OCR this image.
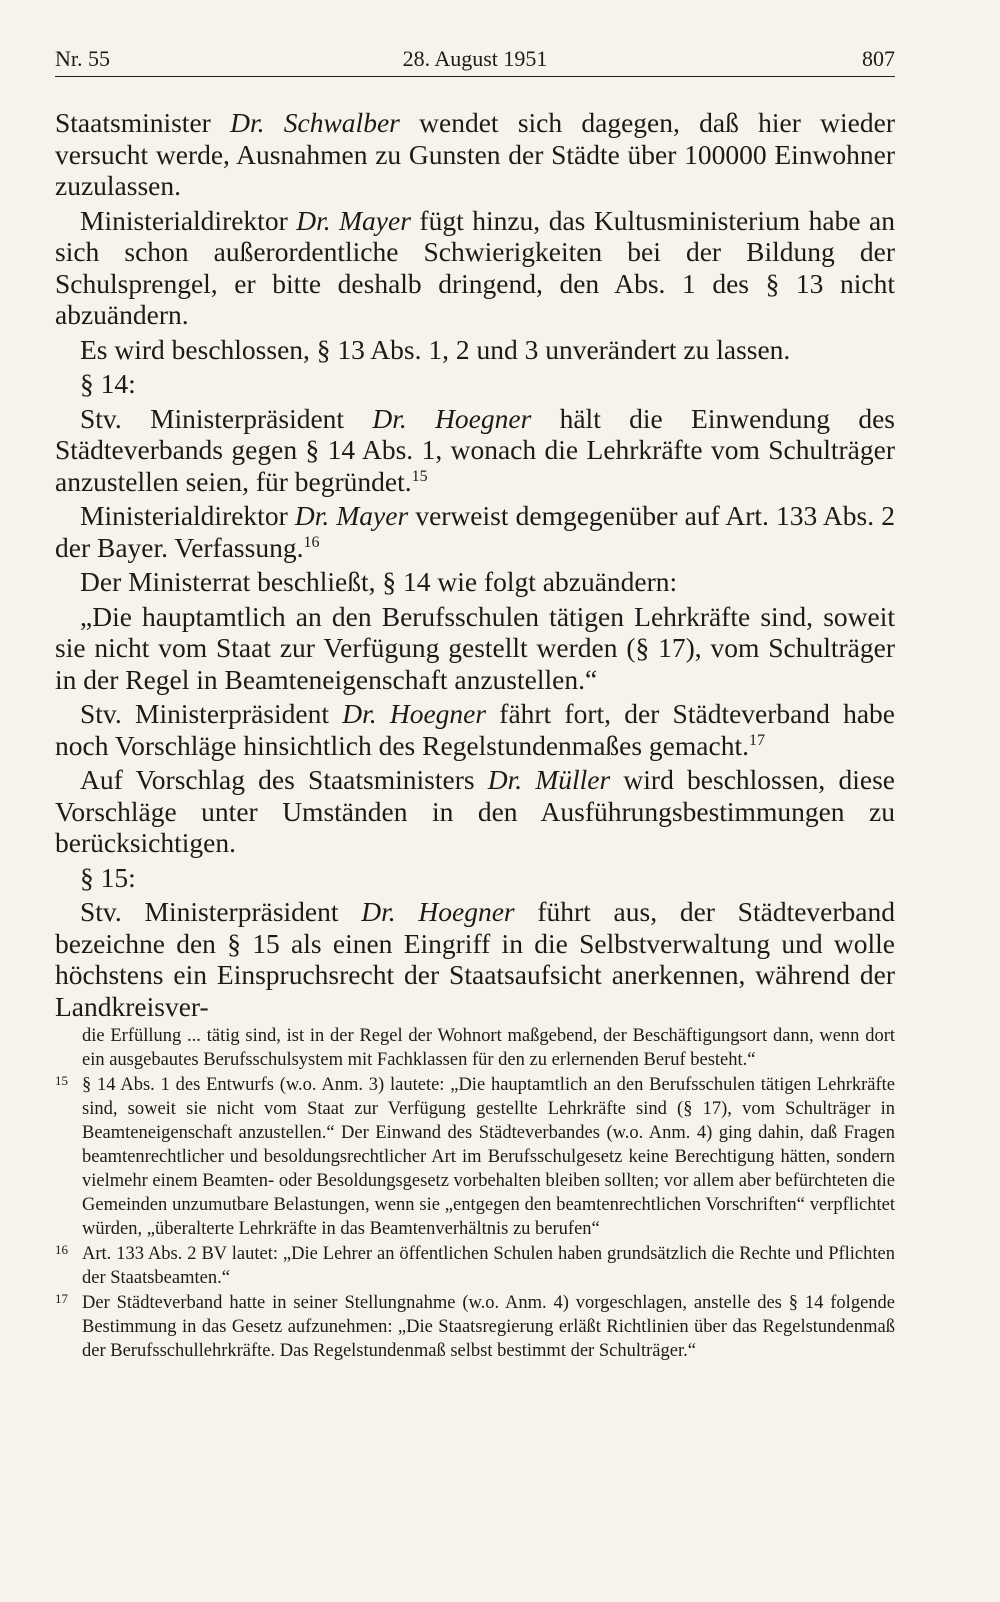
Nr. 55	28. August 1951	807

Staatsminister Dr. Schwalber wendet sich dagegen, daß hier wieder versucht werde, Ausnahmen zu Gunsten der Städte über 100000 Einwohner zuzulassen.

Ministerialdirektor Dr. Mayer fügt hinzu, das Kultusministerium habe an sich schon außerordentliche Schwierigkeiten bei der Bildung der Schulsprengel, er bitte deshalb dringend, den Abs. 1 des § 13 nicht abzuändern.

Es wird beschlossen, § 13 Abs. 1, 2 und 3 unverändert zu lassen.

§ 14:

Stv. Ministerpräsident Dr. Hoegner hält die Einwendung des Städteverbands gegen § 14 Abs. 1, wonach die Lehrkräfte vom Schulträger anzustellen seien, für begründet.$^{15}$

Ministerialdirektor Dr. Mayer verweist demgegenüber auf Art. 133 Abs. 2 der Bayer. Verfassung.$^{16}$

Der Ministerrat beschließt, § 14 wie folgt abzuändern:

„Die hauptamtlich an den Berufsschulen tätigen Lehrkräfte sind, soweit sie nicht vom Staat zur Verfügung gestellt werden (§ 17), vom Schulträger in der Regel in Beamteneigenschaft anzustellen.“

Stv. Ministerpräsident Dr. Hoegner fährt fort, der Städteverband habe noch Vorschläge hinsichtlich des Regelstundenmaßes gemacht.$^{17}$

Auf Vorschlag des Staatsministers Dr. Müller wird beschlossen, diese Vorschläge unter Umständen in den Ausführungsbestimmungen zu berücksichtigen.

§ 15:

Stv. Ministerpräsident Dr. Hoegner führt aus, der Städteverband bezeichne den § 15 als einen Eingriff in die Selbstverwaltung und wolle höchstens ein Einspruchsrecht der Staatsaufsicht anerkennen, während der Landkreisver-

die Erfüllung ... tätig sind, ist in der Regel der Wohnort maßgebend, der Beschäftigungsort dann, wenn dort ein ausgebautes Berufsschulsystem mit Fachklassen für den zu erlernenden Beruf besteht.“

15 § 14 Abs. 1 des Entwurfs (w.o. Anm. 3) lautete: „Die hauptamtlich an den Berufsschulen tätigen Lehrkräfte sind, soweit sie nicht vom Staat zur Verfügung gestellte Lehrkräfte sind (§ 17), vom Schulträger in Beamteneigenschaft anzustellen.“ Der Einwand des Städteverbandes (w.o. Anm. 4) ging dahin, daß Fragen beamtenrechtlicher und besoldungsrechtlicher Art im Berufsschulgesetz keine Berechtigung hätten, sondern vielmehr einem Beamten- oder Besoldungsgesetz vorbehalten bleiben sollten; vor allem aber befürchteten die Gemeinden unzumutbare Belastungen, wenn sie „entgegen den beamtenrechtlichen Vorschriften“ verpflichtet würden, „überalterte Lehrkräfte in das Beamtenverhältnis zu berufen“

16 Art. 133 Abs. 2 BV lautet: „Die Lehrer an öffentlichen Schulen haben grundsätzlich die Rechte und Pflichten der Staatsbeamten.“

17 Der Städteverband hatte in seiner Stellungnahme (w.o. Anm. 4) vorgeschlagen, anstelle des § 14 folgende Bestimmung in das Gesetz aufzunehmen: „Die Staatsregierung erläßt Richtlinien über das Regelstundenmaß der Berufsschullehrkräfte. Das Regelstundenmaß selbst bestimmt der Schulträger.“
